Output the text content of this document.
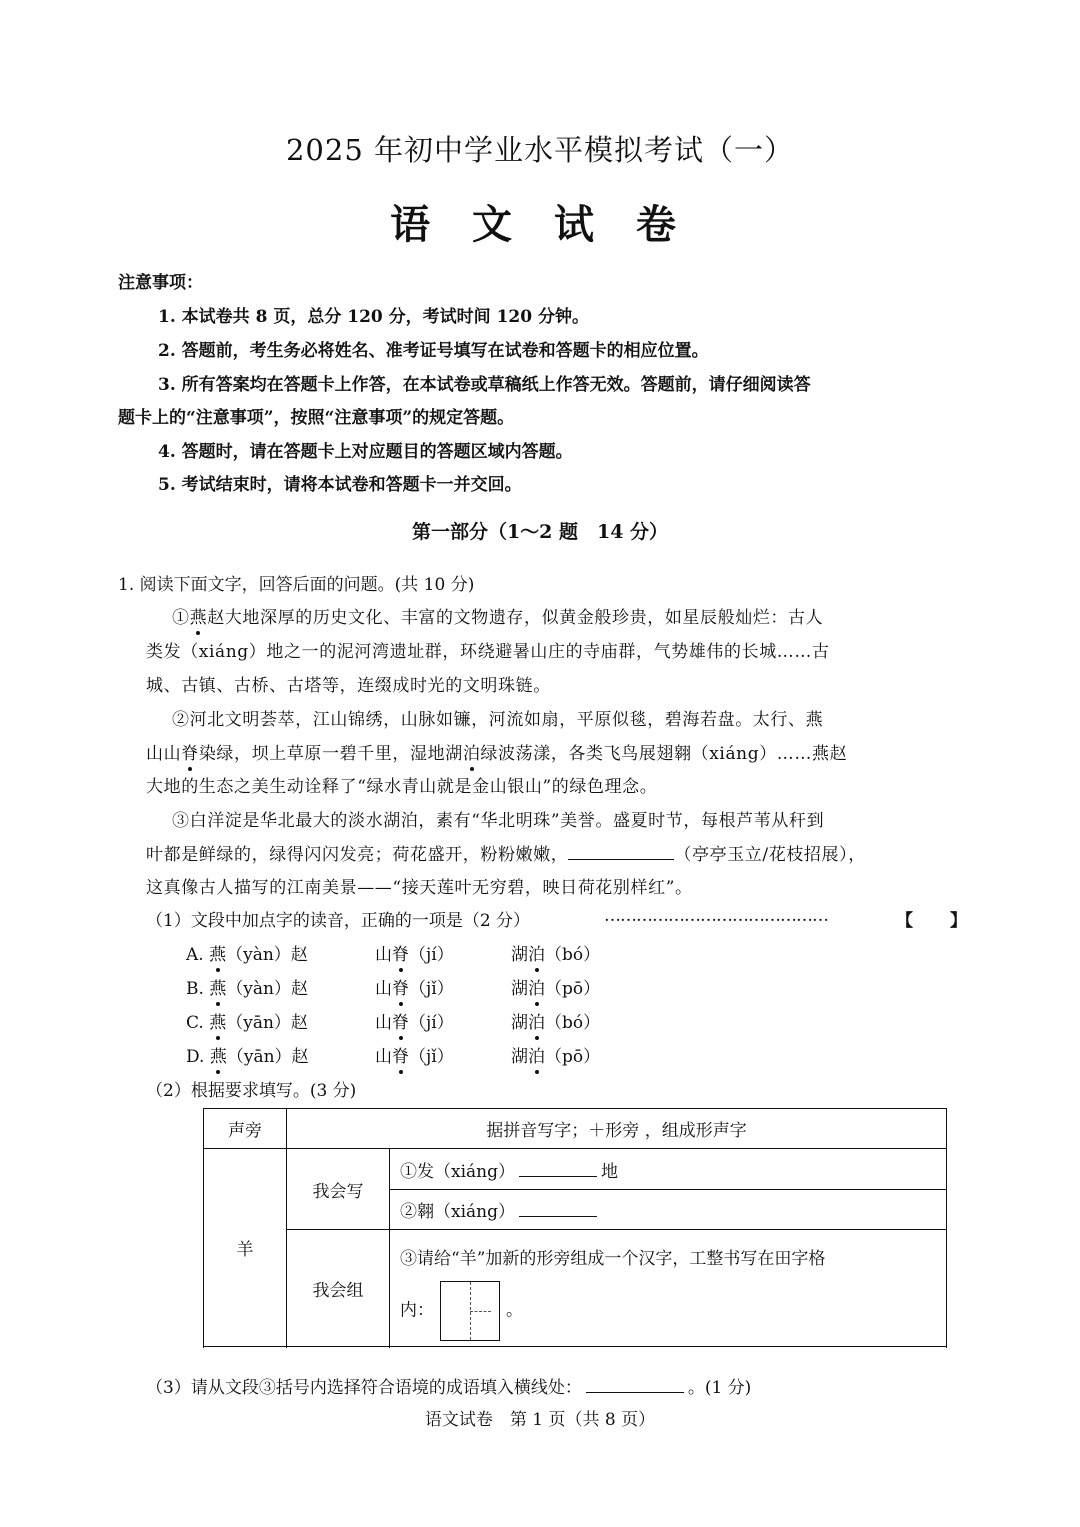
2025 年初中学业水平模拟考试（一）
语 文 试 卷
注意事项：
1. 本试卷共 8 页，总分 120 分，考试时间 120 分钟。
2. 答题前，考生务必将姓名、准考证号填写在试卷和答题卡的相应位置。
3. 所有答案均在答题卡上作答，在本试卷或草稿纸上作答无效。答题前，请仔细阅读答
题卡上的“注意事项”，按照“注意事项”的规定答题。
4. 答题时，请在答题卡上对应题目的答题区域内答题。
5. 考试结束时，请将本试卷和答题卡一并交回。
第一部分（1～2 题　14 分）
1. 阅读下面文字，回答后面的问题。(共 10 分)
①燕赵大地深厚的历史文化、丰富的文物遗存，似黄金般珍贵，如星辰般灿烂：古人
类发（xiáng）地之一的泥河湾遗址群，环绕避暑山庄的寺庙群，气势雄伟的长城……古
城、古镇、古桥、古塔等，连缀成时光的文明珠链。
②河北文明荟萃，江山锦绣，山脉如镰，河流如扇，平原似毯，碧海若盘。太行、燕
山山脊染绿，坝上草原一碧千里，湿地湖泊绿波荡漾，各类飞鸟展翅翱（xiáng）……燕赵
大地的生态之美生动诠释了“绿水青山就是金山银山”的绿色理念。
③白洋淀是华北最大的淡水湖泊，素有“华北明珠”美誉。盛夏时节，每根芦苇从秆到
叶都是鲜绿的，绿得闪闪发亮；荷花盛开，粉粉嫩嫩，	（亭亭玉立/花枝招展），
这真像古人描写的江南美景——“接天莲叶无穷碧，映日荷花别样红”。
（1）文段中加点字的读音，正确的一项是（2 分）	……………………………………	【 】
A. 燕（yàn）赵	山脊（jí）	湖泊（bó）
B. 燕（yàn）赵	山脊（jǐ）	湖泊（pō）
C. 燕（yān）赵	山脊（jí）	湖泊（bó）
D. 燕（yān）赵	山脊（jǐ）	湖泊（pō）
（2）根据要求填写。(3 分)
声旁	据拼音写字；＋形旁 ，组成形声字	
羊	我会写	①发（xiáng） 地
		②翱（xiáng）
	我会组	③请给“羊”加新的形旁组成一个汉字，工整书写在田字格
内： 。

（3）请从文段③括号内选择符合语境的成语填入横线处：	。(1 分)
语文试卷　第 1 页（共 8 页）
